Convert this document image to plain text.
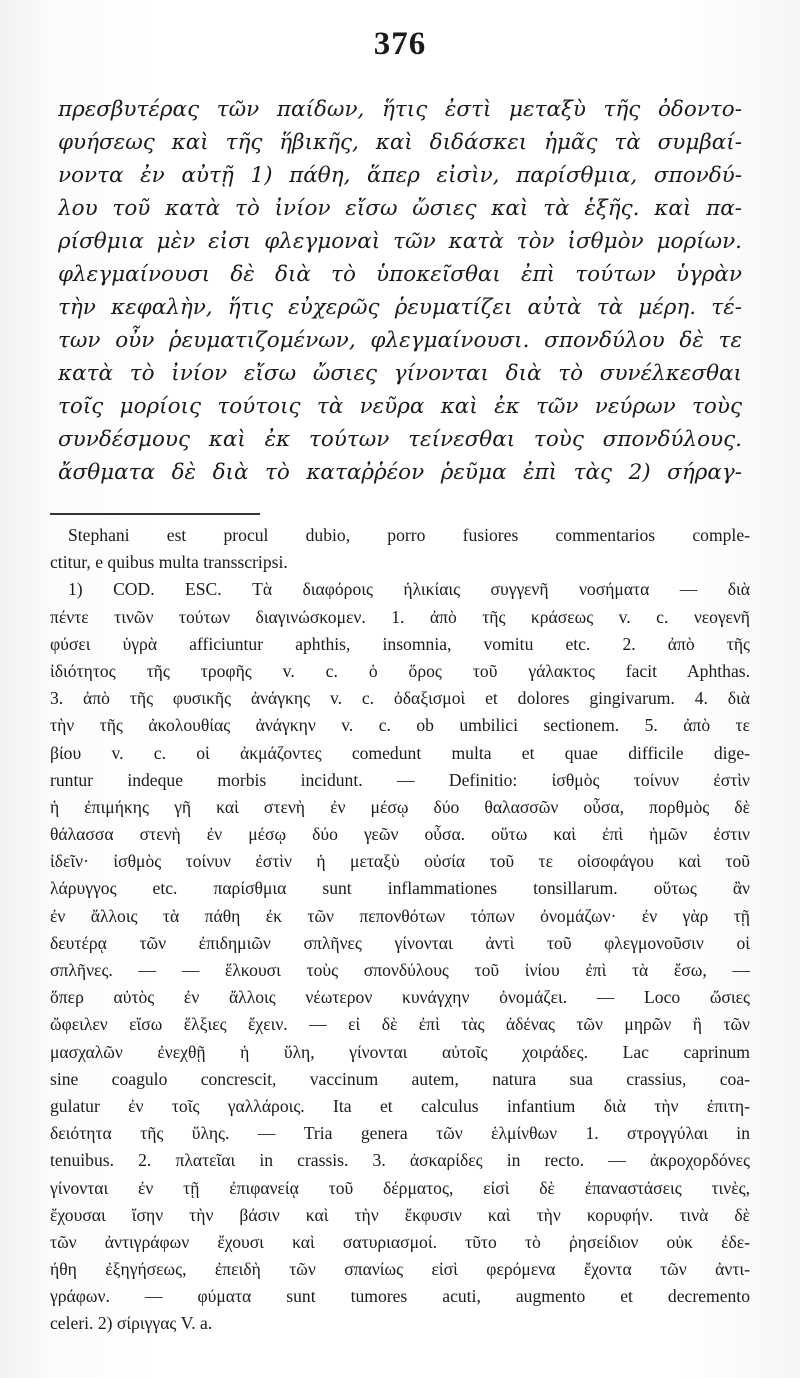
376
πρεσβυτέρας τῶν παίδων, ἥτις ἐστὶ μεταξὺ τῆς ὀδοντο-
φυήσεως καὶ τῆς ἥβικῆς, καὶ διδάσκει ἡμᾶς τὰ συμβαί-
νοντα ἐν αὐτῇ 1) πάθη, ἅπερ εἰσὶν, παρίσθμια, σπονδύ-
λου τοῦ κατὰ τὸ ἰνίον εἴσω ὤσιες καὶ τὰ ἑξῆς. καὶ πα-
ρίσθμια μὲν εἰσι φλεγμοναὶ τῶν κατὰ τὸν ἰσθμὸν μορίων.
φλεγμαίνουσι δὲ διὰ τὸ ὑποκεῖσθαι ἐπὶ τούτων ὑγρὰν
τὴν κεφαλὴν, ἥτις εὐχερῶς ῥευματίζει αὐτὰ τὰ μέρη. τέ-
των οὖν ῥευματιζομένων, φλεγμαίνουσι. σπονδύλου δὲ τε
κατὰ τὸ ἰνίον εἴσω ὤσιες γίνονται διὰ τὸ συνέλκεσθαι
τοῖς μορίοις τούτοις τὰ νεῦρα καὶ ἐκ τῶν νεύρων τοὺς
συνδέσμους καὶ ἐκ τούτων τείνεσθαι τοὺς σπονδύλους.
ἄσθματα δὲ διὰ τὸ καταῤῥέον ῥεῦμα ἐπὶ τὰς 2) σήραγ-
Stephani est procul dubio, porro fusiores commentarios comple-
ctitur, e quibus multa transscripsi.
1) COD. ESC. Τὰ διαφόροις ἡλικίαις συγγενῆ νοσήματα — διὰ
πέντε τινῶν τούτων διαγινώσκομεν. 1. ἀπὸ τῆς κράσεως v. c. νεογενῆ
φύσει ὑγρὰ afficiuntur aphthis, insomnia, vomitu etc. 2. ἀπὸ τῆς
ἰδιότητος τῆς τροφῆς v. c. ὁ ὅρος τοῦ γάλακτος facit Aphthas.
3. ἀπὸ τῆς φυσικῆς ἀνάγκης v. c. ὀδαξισμοὶ et dolores gingivarum. 4. διὰ
τὴν τῆς ἀκολουθίας ἀνάγκην v. c. ob umbilici sectionem. 5. ἀπὸ τε
βίου v. c. οἱ ἀκμάζοντες comedunt multa et quae difficile dige-
runtur indeque morbis incidunt. — Definitio: ἰσθμὸς τοίνυν ἐστὶν
ἡ ἐπιμήκης γῆ καὶ στενὴ ἐν μέσῳ δύο θαλασσῶν οὖσα, πορθμὸς δὲ
θάλασσα στενὴ ἐν μέσῳ δύο γεῶν οὖσα. οὕτω καὶ ἐπὶ ἡμῶν ἐστιν
ἰδεῖν· ἰσθμὸς τοίνυν ἐστὶν ἡ μεταξὺ οὐσία τοῦ τε οἰσοφάγου καὶ τοῦ
λάρυγγος etc. παρίσθμια sunt inflammationes tonsillarum. οὕτως ἂν
ἐν ἄλλοις τὰ πάθη ἐκ τῶν πεπονθότων τόπων ὀνομάζων· ἐν γὰρ τῇ
δευτέρᾳ τῶν ἐπιδημιῶν σπλῆνες γίνονται ἀντὶ τοῦ φλεγμονοῦσιν οἱ
σπλῆνες. — — ἕλκουσι τοὺς σπονδύλους τοῦ ἰνίου ἐπὶ τὰ ἔσω, —
ὅπερ αὐτὸς ἐν ἄλλοις νέωτερον κυνάγχην ὀνομάζει. — Loco ὤσιες
ὤφειλεν εἴσω ἕλξιες ἔχειν. — εἰ δὲ ἐπὶ τὰς ἀδένας τῶν μηρῶν ἢ τῶν
μασχαλῶν ἐνεχθῇ ἡ ὕλη, γίνονται αὐτοῖς χοιράδες. Lac caprinum
sine coagulo concrescit, vaccinum autem, natura sua crassius, coa-
gulatur ἐν τοῖς γαλλάροις. Ita et calculus infantium διὰ τὴν ἐπιτη-
δειότητα τῆς ὕλης. — Tria genera τῶν ἑλμίνθων 1. στρογγύλαι in
tenuibus. 2. πλατεῖαι in crassis. 3. ἀσκαρίδες in recto. — ἀκροχορδόνες
γίνονται ἐν τῇ ἐπιφανείᾳ τοῦ δέρματος, εἰσὶ δὲ ἐπαναστάσεις τινὲς,
ἔχουσαι ἴσην τὴν βάσιν καὶ τὴν ἔκφυσιν καὶ τὴν κορυφήν. τινὰ δὲ
τῶν ἀντιγράφων ἔχουσι καὶ σατυριασμοί. τῦτο τὸ ῥησείδιον οὐκ ἐδε-
ήθη ἐξηγήσεως, ἐπειδὴ τῶν σπανίως εἰσὶ φερόμενα ἔχοντα τῶν ἀντι-
γράφων. — φύματα sunt tumores acuti, augmento et decremento
celeri. 2) σίριγγας V. a.
